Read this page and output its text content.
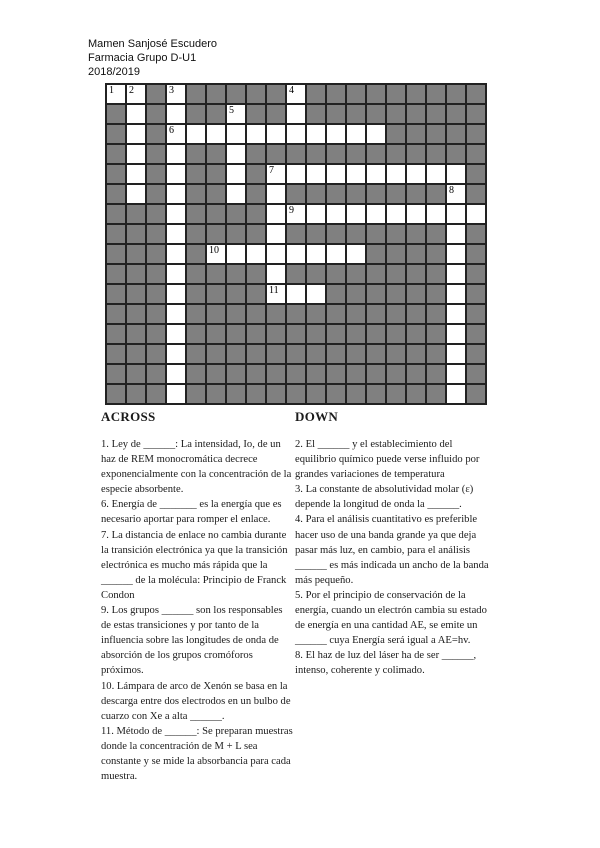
Mamen Sanjosé Escudero
Farmacia Grupo D-U1
2018/2019
1 2	3	4
5
6
7
8
9
10
11
ACROSS

1. Ley de ______: La intensidad, Io, de un haz de REM monocromática decrece exponencialmente con la concentración de la especie absorbente.

6. Energía de _______ es la energía que es necesario aportar para romper el enlace.

7. La distancia de enlace no cambia durante la transición electrónica ya que la transición electrónica es mucho más rápida que la ______ de la molécula: Principio de Franck Condon

9. Los grupos ______ son los responsables de estas transiciones y por tanto de la influencia sobre las longitudes de onda de absorción de los grupos cromóforos próximos.

10. Lámpara de arco de Xenón se basa en la descarga entre dos electrodos en un bulbo de cuarzo con Xe a alta ______.

11. Método de ______: Se preparan muestras donde la concentración de M + L sea constante y se mide la absorbancia para cada muestra.

DOWN

2. El ______ y el establecimiento del equilibrio químico puede verse influido por grandes variaciones de temperatura

3. La constante de absolutividad molar (ε) depende la longitud de onda la ______.

4. Para el análisis cuantitativo es preferible hacer uso de una banda grande ya que deja pasar más luz, en cambio, para el análisis ______ es más indicada un ancho de la banda más pequeño.

5. Por el principio de conservación de la energía, cuando un electrón cambia su estado de energía en una cantidad AE, se emite un ______ cuya Energía será igual a AE=hv.

8. El haz de luz del láser ha de ser ______, intenso, coherente y colimado.
